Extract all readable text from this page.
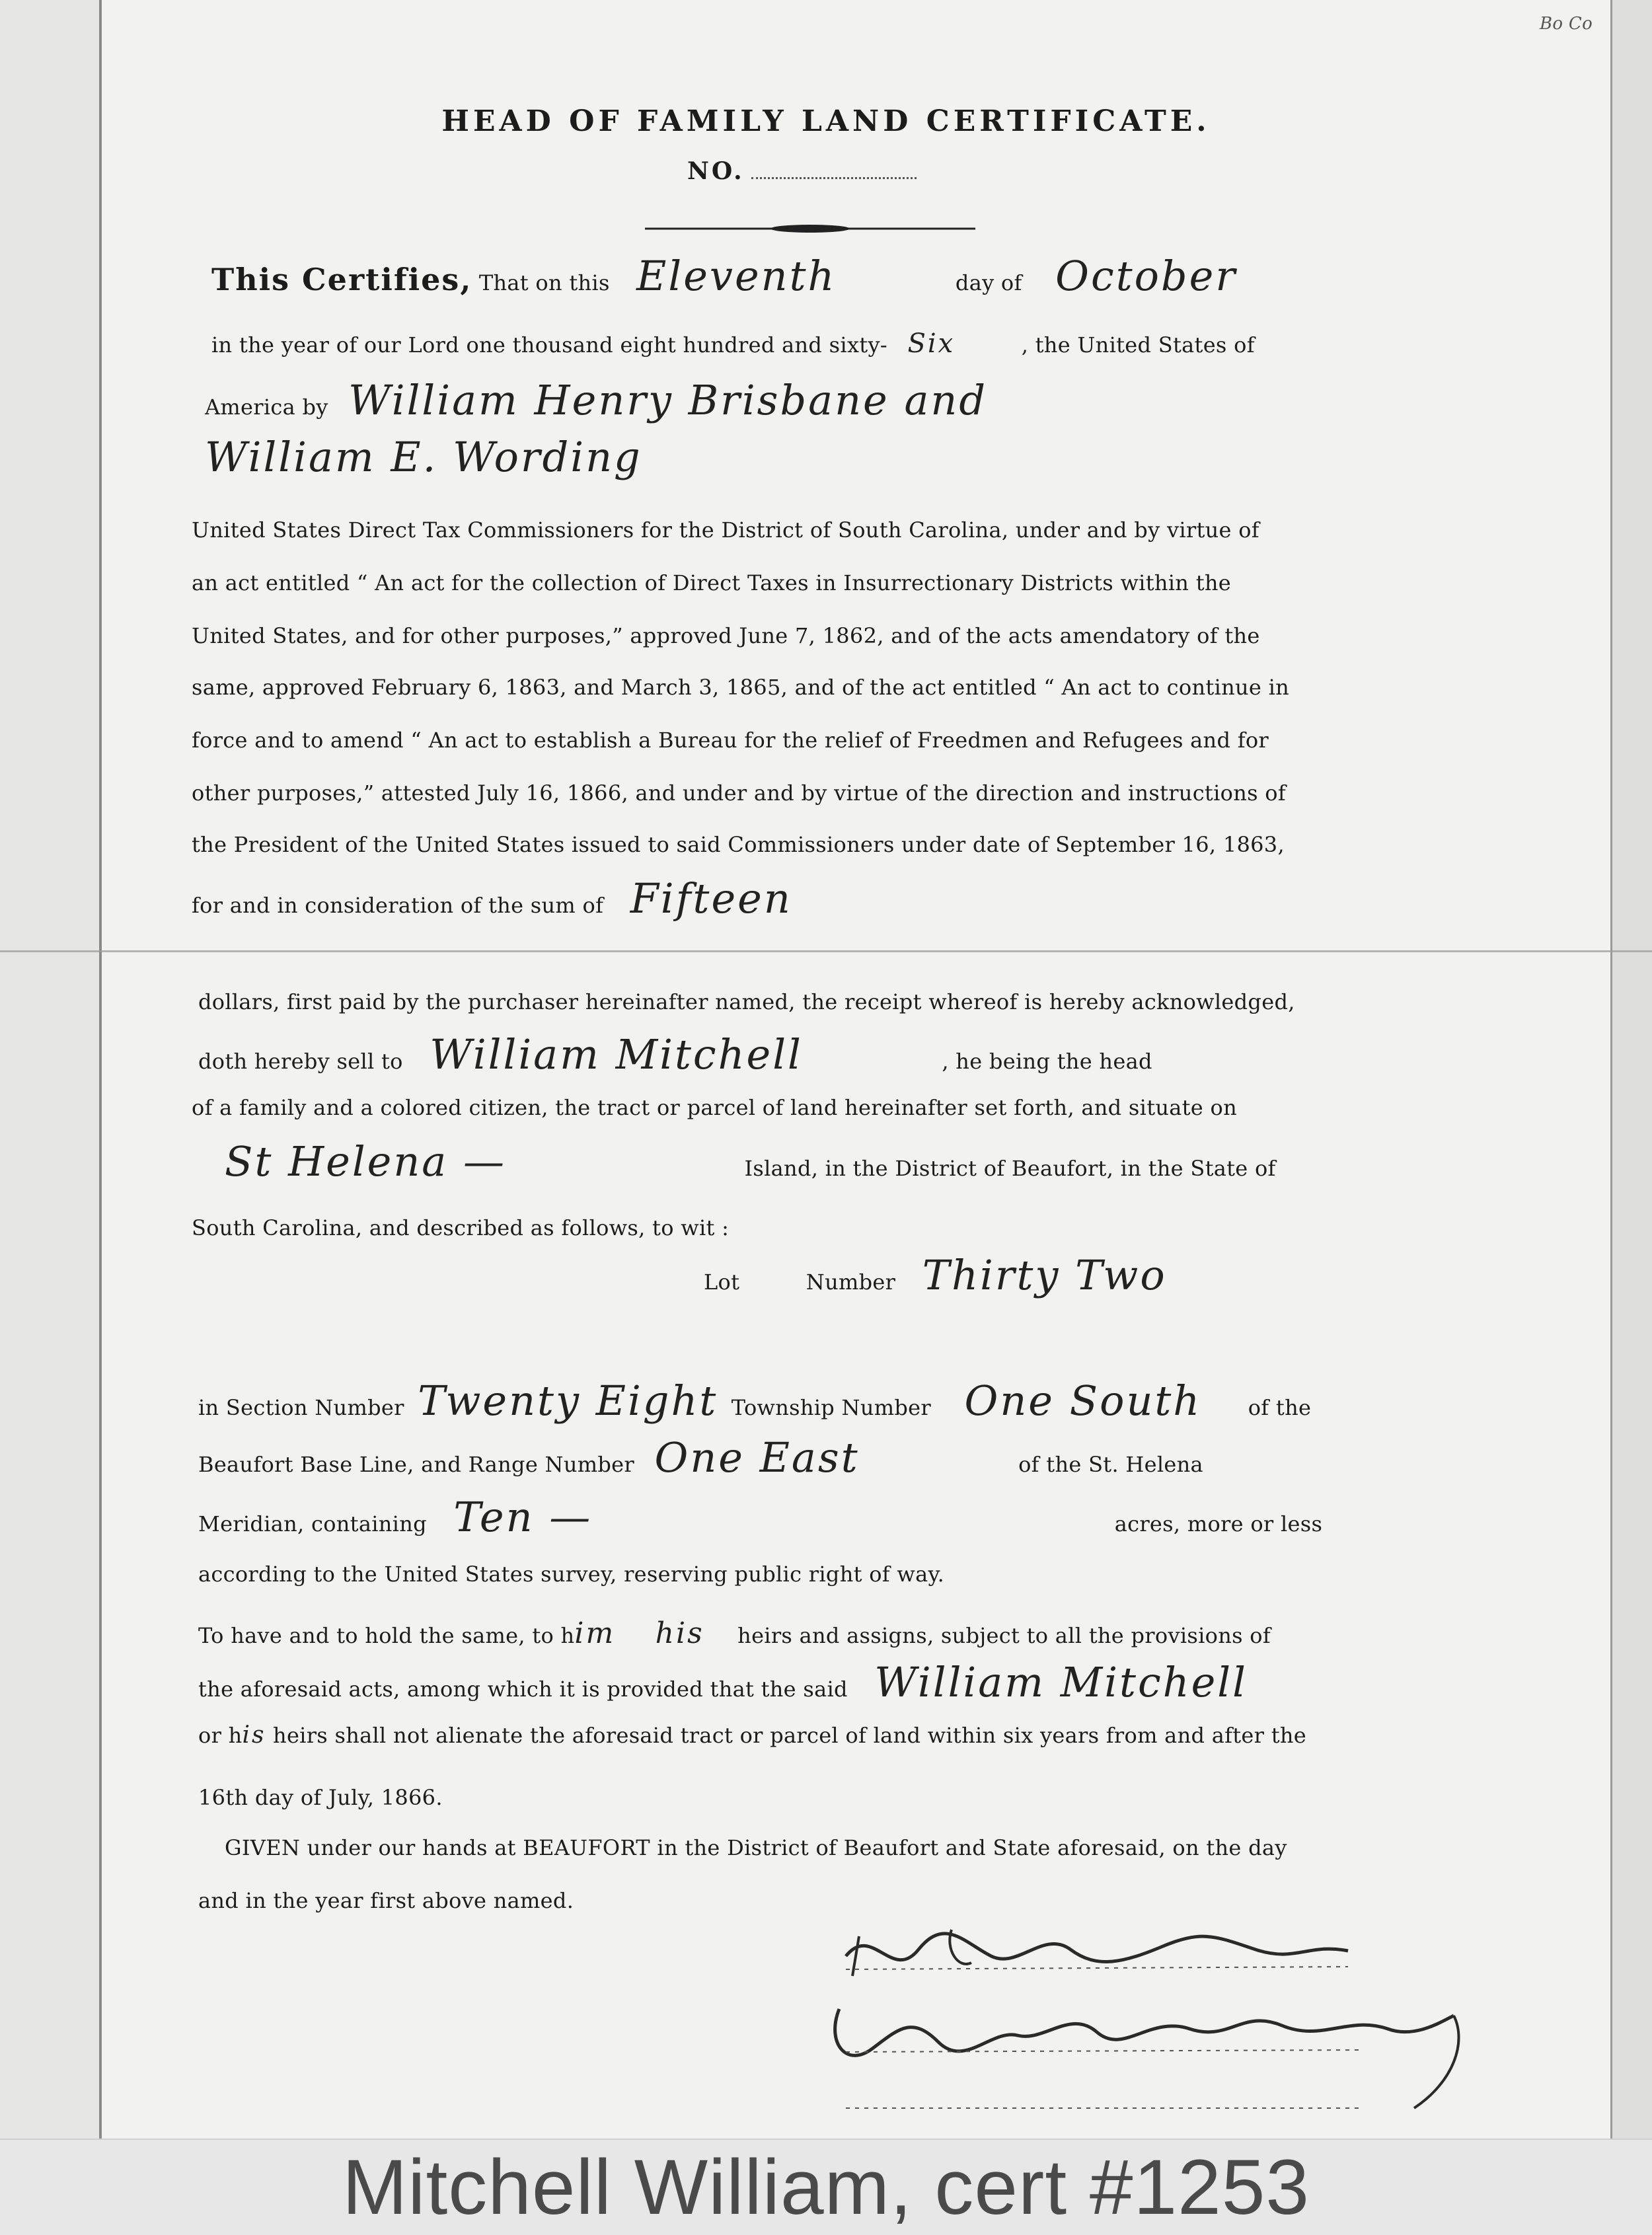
Bo Co
HEAD OF FAMILY LAND CERTIFICATE.
NO.
This Certifies, That on this Eleventh	day of October
in the year of our Lord one thousand eight hundred and sixty- Six	, the United States of
America by William Henry Brisbane and
William E. Wording
United States Direct Tax Commissioners for the District of South Carolina, under and by virtue of
an act entitled “ An act for the collection of Direct Taxes in Insurrectionary Districts within the
United States, and for other purposes,” approved June 7, 1862, and of the acts amendatory of the
same, approved February 6, 1863, and March 3, 1865, and of the act entitled “ An act to continue in
force and to amend “ An act to establish a Bureau for the relief of Freedmen and Refugees and for
other purposes,” attested July 16, 1866, and under and by virtue of the direction and instructions of
the President of the United States issued to said Commissioners under date of September 16, 1863,
for and in consideration of the sum of Fifteen
dollars, first paid by the purchaser hereinafter named, the receipt whereof is hereby acknowledged,
doth hereby sell to William Mitchell	, he being the head
of a family and a colored citizen, the tract or parcel of land hereinafter set forth, and situate on
St Helena —	Island, in the District of Beaufort, in the State of
South Carolina, and described as follows, to wit :
Lot	Number Thirty Two
in Section Number Twenty Eight Township Number One South of the
Beaufort Base Line, and Range Number One East	of the St. Helena
Meridian, containing Ten —	acres, more or less
according to the United States survey, reserving public right of way.
To have and to hold the same, to him his heirs and assigns, subject to all the provisions of
the aforesaid acts, among which it is provided that the said William Mitchell
or his heirs shall not alienate the aforesaid tract or parcel of land within six years from and after the
16th day of July, 1866.
GIVEN under our hands at BEAUFORT in the District of Beaufort and State aforesaid, on the day
and in the year first above named.
Mitchell William, cert #1253
